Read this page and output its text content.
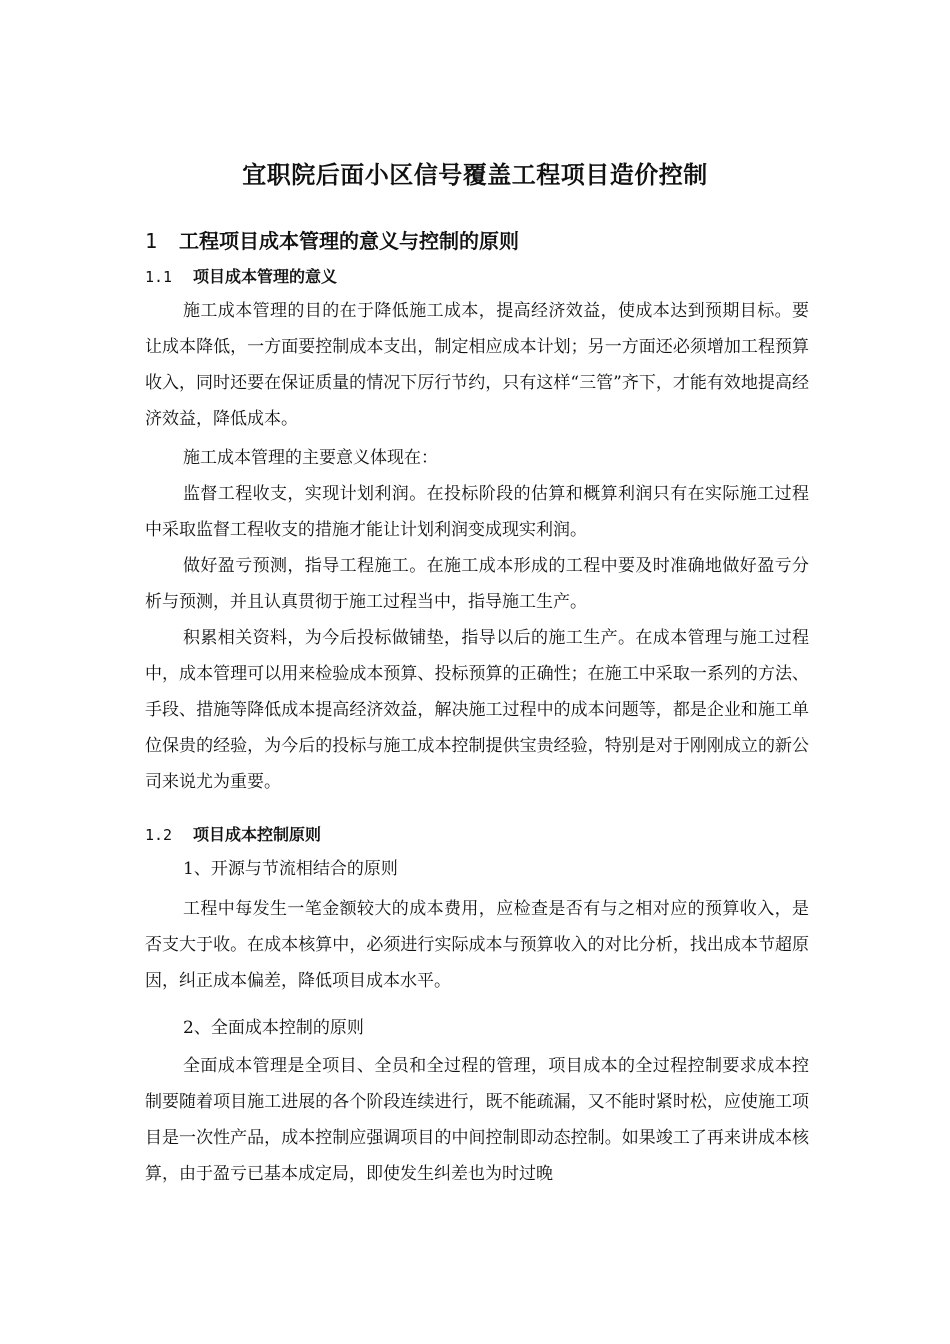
宜职院后面小区信号覆盖工程项目造价控制
1 工程项目成本管理的意义与控制的原则
1.1 项目成本管理的意义

施工成本管理的目的在于降低施工成本，提高经济效益，使成本达到预期目标。要让成本降低，一方面要控制成本支出，制定相应成本计划；另一方面还必须增加工程预算收入，同时还要在保证质量的情况下厉行节约，只有这样“三管”齐下，才能有效地提高经济效益，降低成本。

施工成本管理的主要意义体现在：

监督工程收支，实现计划利润。在投标阶段的估算和概算利润只有在实际施工过程中采取监督工程收支的措施才能让计划利润变成现实利润。

做好盈亏预测，指导工程施工。在施工成本形成的工程中要及时准确地做好盈亏分析与预测，并且认真贯彻于施工过程当中，指导施工生产。

积累相关资料，为今后投标做铺垫，指导以后的施工生产。在成本管理与施工过程中，成本管理可以用来检验成本预算、投标预算的正确性；在施工中采取一系列的方法、手段、措施等降低成本提高经济效益，解决施工过程中的成本问题等，都是企业和施工单位保贵的经验，为今后的投标与施工成本控制提供宝贵经验，特别是对于刚刚成立的新公司来说尤为重要。

1.2 项目成本控制原则

1、开源与节流相结合的原则

工程中每发生一笔金额较大的成本费用，应检查是否有与之相对应的预算收入，是否支大于收。在成本核算中，必须进行实际成本与预算收入的对比分析，找出成本节超原因，纠正成本偏差，降低项目成本水平。

2、全面成本控制的原则

全面成本管理是全项目、全员和全过程的管理，项目成本的全过程控制要求成本控制要随着项目施工进展的各个阶段连续进行，既不能疏漏，又不能时紧时松，应使施工项目是一次性产品，成本控制应强调项目的中间控制即动态控制。如果竣工了再来讲成本核算，由于盈亏已基本成定局，即使发生纠差也为时过晚
